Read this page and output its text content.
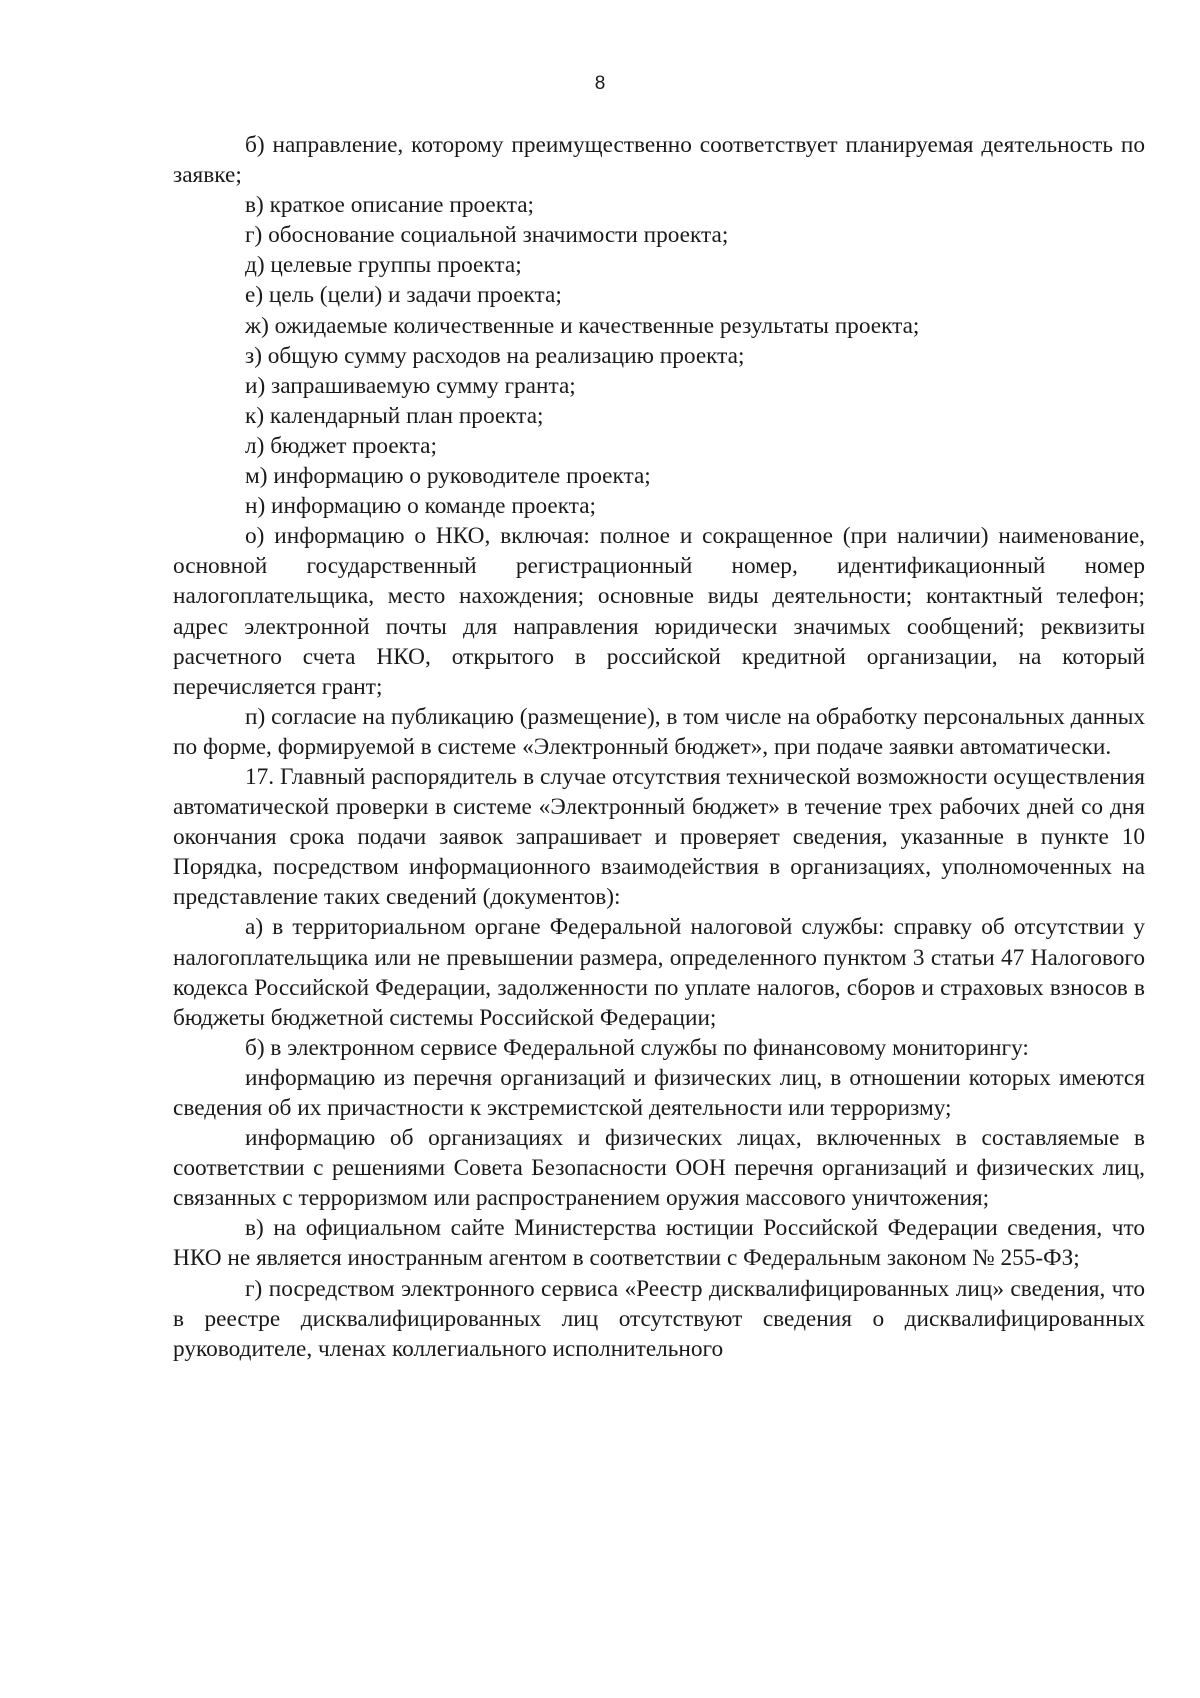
8

б) направление, которому преимущественно соответствует планируемая деятельность по заявке;

в) краткое описание проекта;

г) обоснование социальной значимости проекта;

д) целевые группы проекта;

е) цель (цели) и задачи проекта;

ж) ожидаемые количественные и качественные результаты проекта;

з) общую сумму расходов на реализацию проекта;

и) запрашиваемую сумму гранта;

к) календарный план проекта;

л) бюджет проекта;

м) информацию о руководителе проекта;

н) информацию о команде проекта;

о) информацию о НКО, включая: полное и сокращенное (при наличии) наименование, основной государственный регистрационный номер, идентификационный номер налогоплательщика, место нахождения; основные виды деятельности; контактный телефон; адрес электронной почты для направления юридически значимых сообщений; реквизиты расчетного счета НКО, открытого в российской кредитной организации, на который перечисляется грант;

п) согласие на публикацию (размещение), в том числе на обработку персональных данных по форме, формируемой в системе «Электронный бюджет», при подаче заявки автоматически.

17. Главный распорядитель в случае отсутствия технической возможности осуществления автоматической проверки в системе «Электронный бюджет» в течение трех рабочих дней со дня окончания срока подачи заявок запрашивает и проверяет сведения, указанные в пункте 10 Порядка, посредством информационного взаимодействия в организациях, уполномоченных на представление таких сведений (документов):

а) в территориальном органе Федеральной налоговой службы: справку об отсутствии у налогоплательщика или не превышении размера, определенного пунктом 3 статьи 47 Налогового кодекса Российской Федерации, задолженности по уплате налогов, сборов и страховых взносов в бюджеты бюджетной системы Российской Федерации;

б) в электронном сервисе Федеральной службы по финансовому мониторингу:

информацию из перечня организаций и физических лиц, в отношении которых имеются сведения об их причастности к экстремистской деятельности или терроризму;

информацию об организациях и физических лицах, включенных в составляемые в соответствии с решениями Совета Безопасности ООН перечня организаций и физических лиц, связанных с терроризмом или распространением оружия массового уничтожения;

в) на официальном сайте Министерства юстиции Российской Федерации сведения, что НКО не является иностранным агентом в соответствии с Федеральным законом № 255-ФЗ;

г) посредством электронного сервиса «Реестр дисквалифицированных лиц» сведения, что в реестре дисквалифицированных лиц отсутствуют сведения о дисквалифицированных руководителе, членах коллегиального исполнительного
